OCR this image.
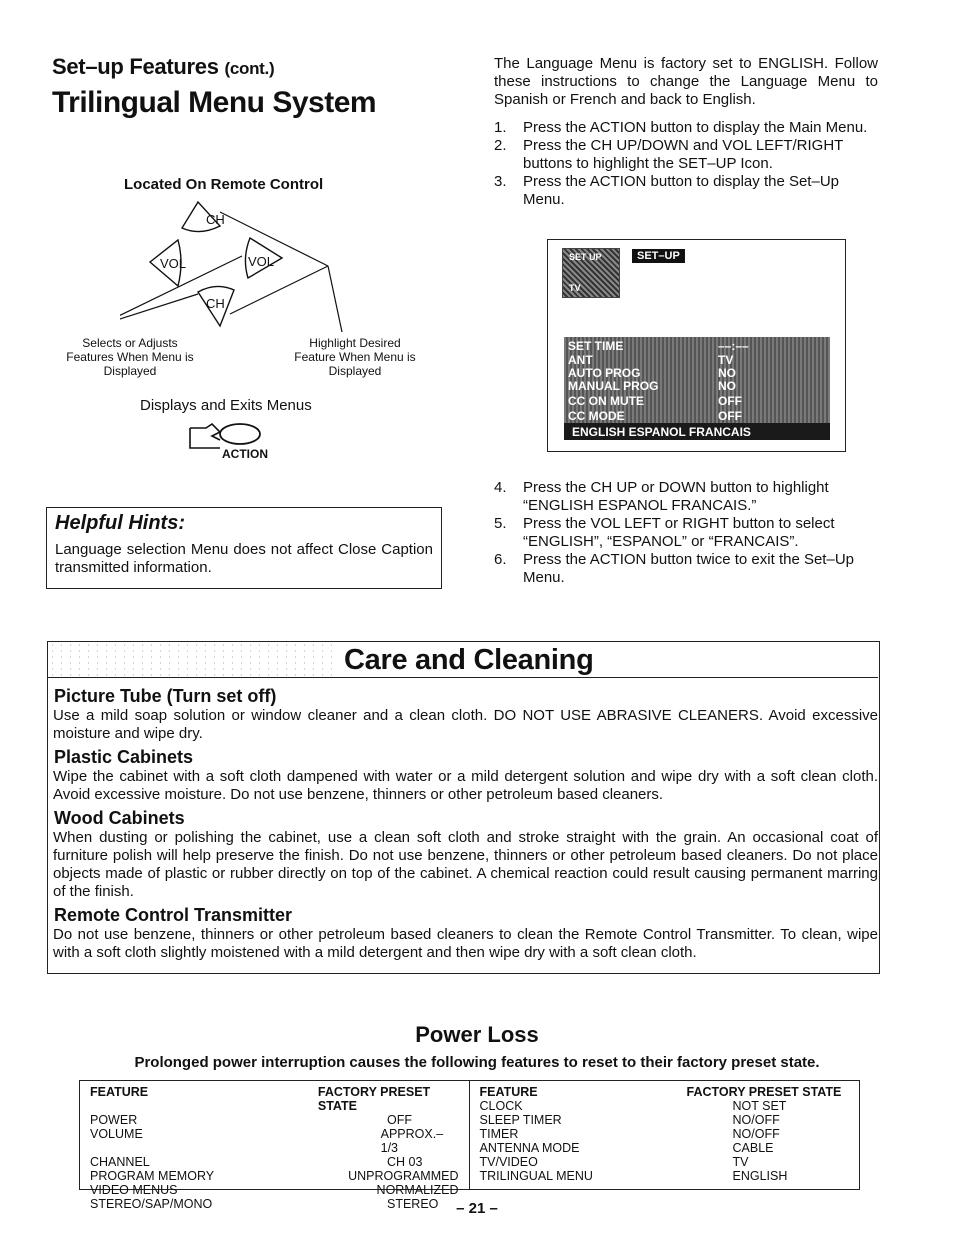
Set–up Features (cont.)
Trilingual Menu System
Located On Remote Control
CH
VOL	VOL
CH
Selects or Adjusts Features When Menu is Displayed
Highlight Desired Feature When Menu is Displayed
Displays and Exits Menus
ACTION
Helpful Hints:
Language selection Menu does not affect Close Caption transmitted information.
The Language Menu is factory set to ENGLISH. Follow these instructions to change the Language Menu to Spanish or French and back to English.
1.	Press the ACTION button to display the Main Menu.
2.	Press the CH UP/DOWN and VOL LEFT/RIGHT buttons to highlight the SET–UP Icon.
3.	Press the ACTION button to display the Set–Up Menu.
SET UP
TV
SET–UP
SET TIME	––:––
ANT	TV
AUTO PROG	NO
MANUAL PROG	NO
CC ON MUTE	OFF
CC MODE	OFF
ENGLISH ESPANOL FRANCAIS
4.	Press the CH UP or DOWN button to highlight “ENGLISH ESPANOL FRANCAIS.”
5.	Press the VOL LEFT or RIGHT button to select “ENGLISH”, “ESPANOL” or “FRANCAIS”.
6.	Press the ACTION button twice to exit the Set–Up Menu.
Care and Cleaning
Picture Tube (Turn set off)
Use a mild soap solution or window cleaner and a clean cloth. DO NOT USE ABRASIVE CLEANERS. Avoid excessive moisture and wipe dry.
Plastic Cabinets
Wipe the cabinet with a soft cloth dampened with water or a mild detergent solution and wipe dry with a soft clean cloth. Avoid excessive moisture. Do not use benzene, thinners or other petroleum based cleaners.
Wood Cabinets
When dusting or polishing the cabinet, use a clean soft cloth and stroke straight with the grain. An occasional coat of furniture polish will help preserve the finish. Do not use benzene, thinners or other petroleum based cleaners. Do not place objects made of plastic or rubber directly on top of the cabinet. A chemical reaction could result causing permanent marring of the finish.
Remote Control Transmitter
Do not use benzene, thinners or other petroleum based cleaners to clean the Remote Control Transmitter. To clean, wipe with a soft cloth slightly moistened with a mild detergent and then wipe dry with a soft clean cloth.
Power Loss
Prolonged power interruption causes the following features to reset to their factory preset state.
FEATURE	FACTORY PRESET STATE
POWER	OFF
VOLUME	APPROX.–1/3
CHANNEL	CH 03
PROGRAM MEMORY	UNPROGRAMMED
VIDEO MENUS	NORMALIZED
STEREO/SAP/MONO	STEREO
FEATURE	FACTORY PRESET STATE
CLOCK	NOT SET
SLEEP TIMER	NO/OFF
TIMER	NO/OFF
ANTENNA MODE	CABLE
TV/VIDEO	TV
TRILINGUAL MENU	ENGLISH
– 21 –
